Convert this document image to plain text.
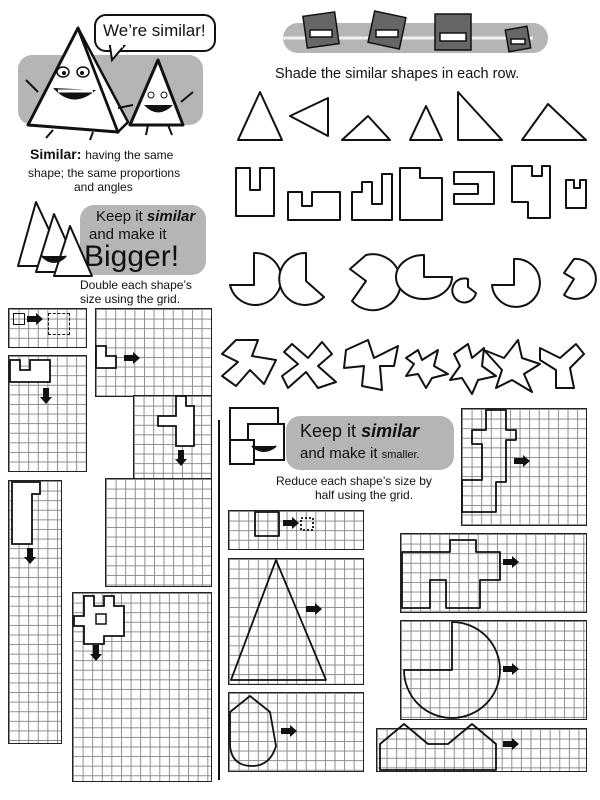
We’re similar!
Similar: having the same
shape; the same proportions
and angles
Shade the similar shapes in each row.
Keep it similar
and make it
Bigger!
Double each shape’s
size using the grid.
Keep it similar
and make it smaller.
Reduce each shape’s size by
half using the grid.
